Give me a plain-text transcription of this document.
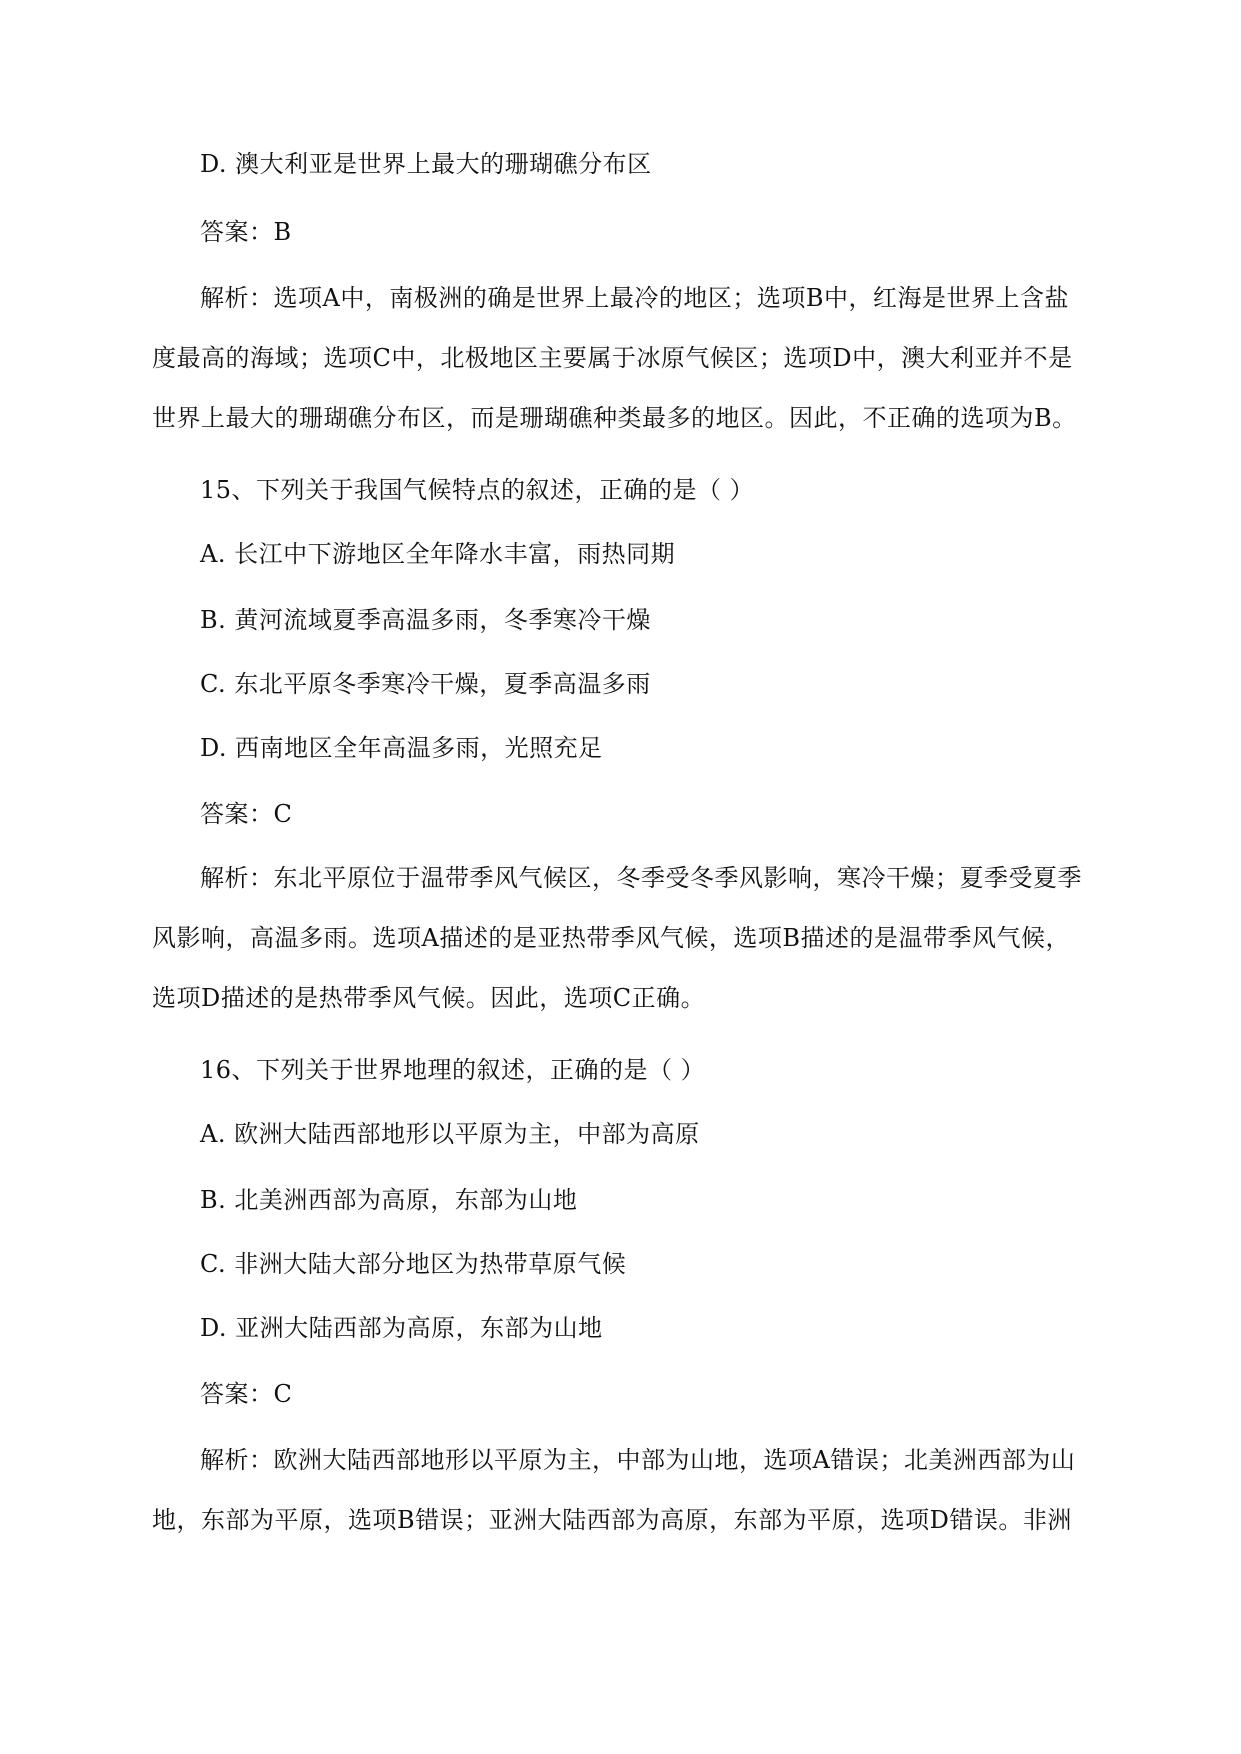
D. 澳大利亚是世界上最大的珊瑚礁分布区
答案：B
解析：选项A中，南极洲的确是世界上最冷的地区；选项B中，红海是世界上含盐
度最高的海域；选项C中，北极地区主要属于冰原气候区；选项D中，澳大利亚并不是
世界上最大的珊瑚礁分布区，而是珊瑚礁种类最多的地区。因此，不正确的选项为B。
15、下列关于我国气候特点的叙述，正确的是（ ）
A. 长江中下游地区全年降水丰富，雨热同期
B. 黄河流域夏季高温多雨，冬季寒冷干燥
C. 东北平原冬季寒冷干燥，夏季高温多雨
D. 西南地区全年高温多雨，光照充足
答案：C
解析：东北平原位于温带季风气候区，冬季受冬季风影响，寒冷干燥；夏季受夏季
风影响，高温多雨。选项A描述的是亚热带季风气候，选项B描述的是温带季风气候，
选项D描述的是热带季风气候。因此，选项C正确。
16、下列关于世界地理的叙述，正确的是（ ）
A. 欧洲大陆西部地形以平原为主，中部为高原
B. 北美洲西部为高原，东部为山地
C. 非洲大陆大部分地区为热带草原气候
D. 亚洲大陆西部为高原，东部为山地
答案：C
解析：欧洲大陆西部地形以平原为主，中部为山地，选项A错误；北美洲西部为山
地，东部为平原，选项B错误；亚洲大陆西部为高原，东部为平原，选项D错误。非洲
